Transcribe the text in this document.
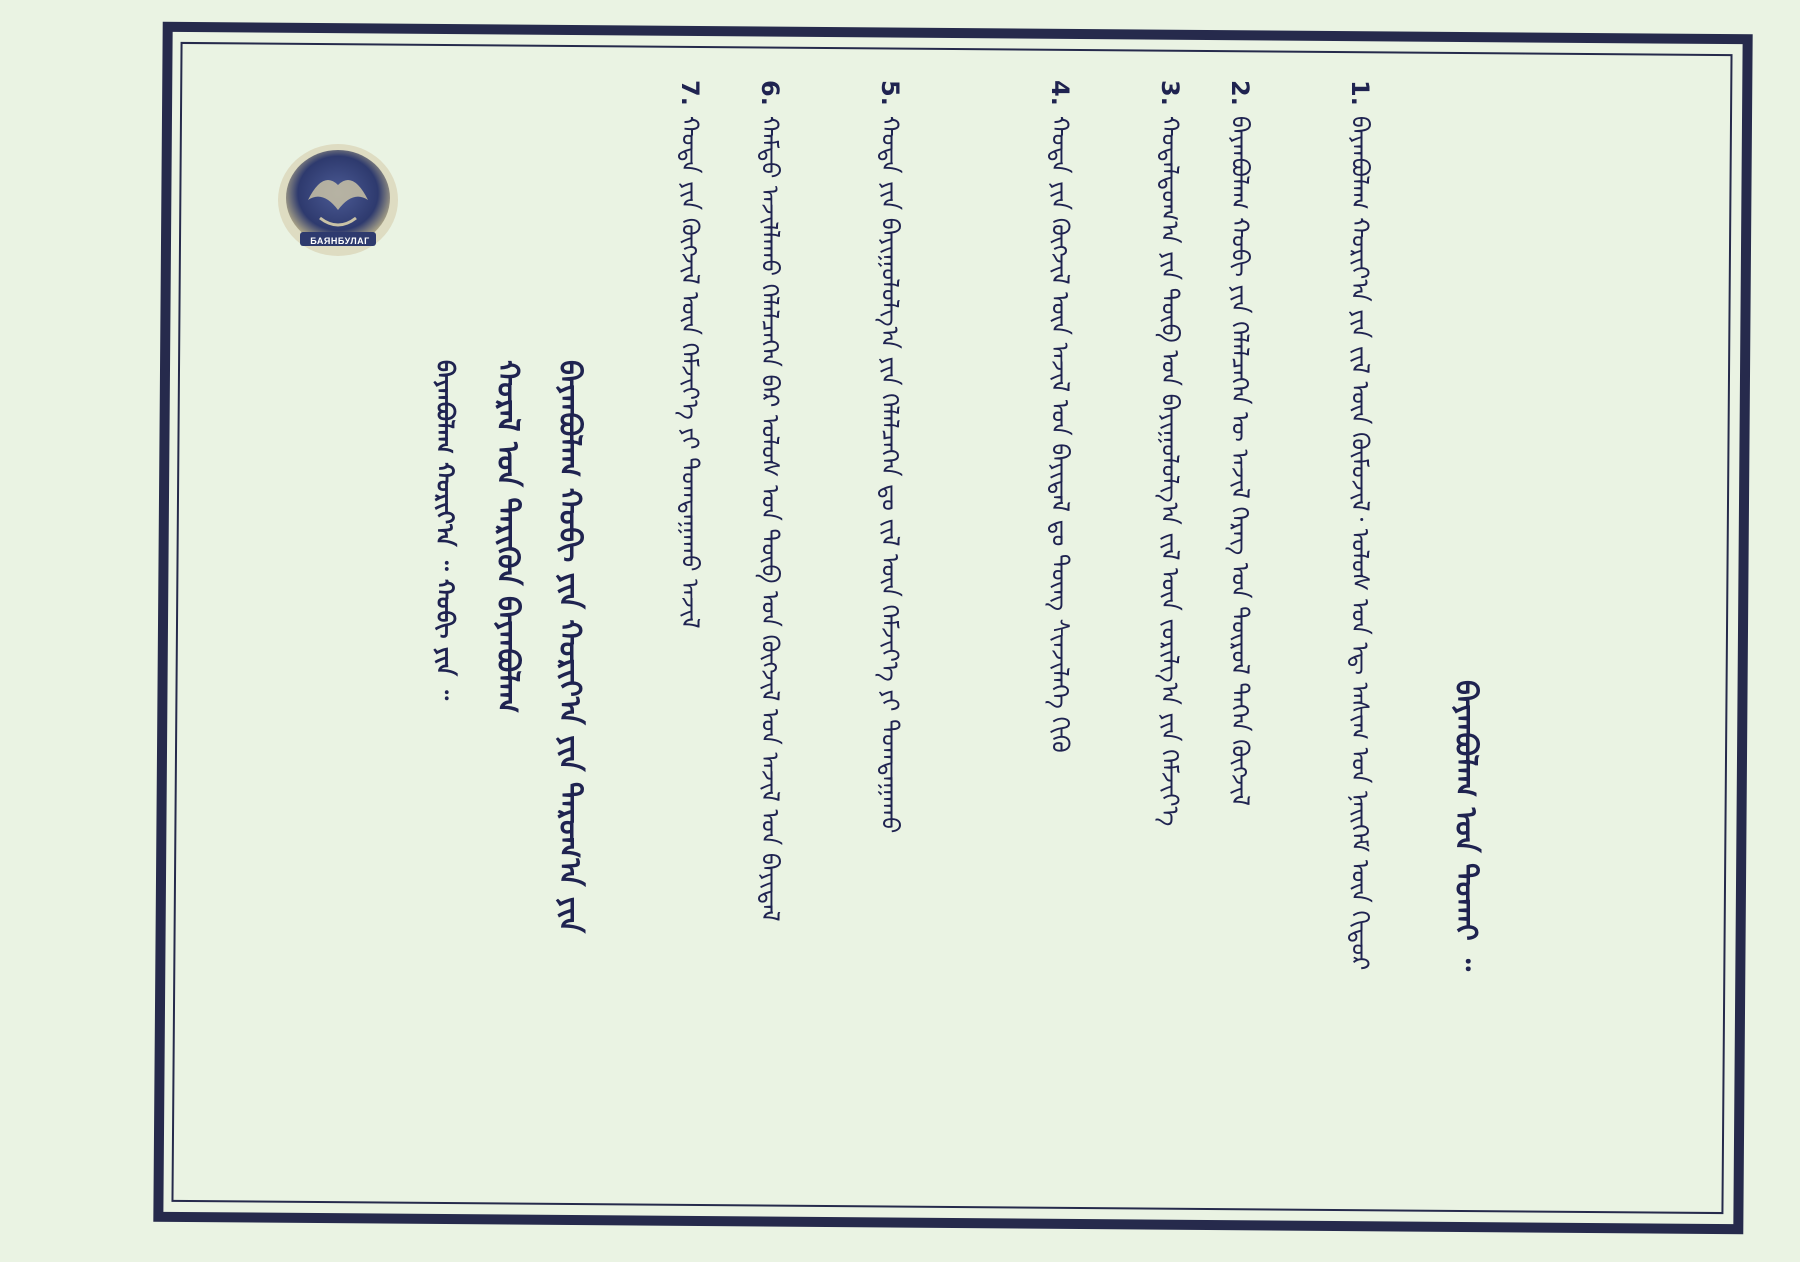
БАЯНБУЛАГ
ᠪᠠᠶᠠᠨᠪᠤᠯᠠᠭ ᠤᠨ ᠲᠤᠬᠠᠢ ᠃
1.ᠪᠠᠶᠠᠨᠪᠤᠯᠠᠭ ᠬᠤᠷᠢᠶ᠎ᠠ ᠶᠢᠨ ᠵᠢᠯ ᠦᠨ ᠬᠦᠮᠦᠵᠢᠯ᠂ ᠤᠯᠤᠰ ᠤᠨ ᠡᠳ᠋ ᠠᠰᠢᠭ ᠤᠨ ᠨᠡᠢᠭᠡᠮ ᠦᠨ ᠬᠢᠳᠤᠷ
2.ᠪᠠᠶᠠᠨᠪᠤᠯᠠᠭ ᠬᠤᠪᠢ ᠶᠢᠨ ᠬᠡᠯᠡᠯᠴᠡᠭᠡᠨ ᠦ ᠠᠵᠢᠯ ᠬᠡᠷᠡᠭ ᠤᠨ ᠲᠥᠷᠥᠯ ᠳᠡᠭᠡᠨ ᠬᠥᠭᠵᠢᠯ
3.ᠬᠤᠳᠠᠯᠳᠤᠭ᠎ᠠ ᠶᠢᠨ ᠲᠥᠪ ᠤᠨ ᠪᠠᠶᠢᠭᠤᠯᠤᠯᠭ᠎ᠠ ᠵᠢᠯ ᠦᠨ ᠵᠤᠷᠢᠯᠭ᠎ᠠ ᠶᠢᠨ ᠬᠡᠮᠵᠢᠶ᠎ᠡ
4.ᠬᠣᠳᠠ ᠶᠢᠨ ᠬᠥᠭᠵᠢᠯ ᠦᠨ ᠠᠵᠢᠯ ᠤᠨ ᠪᠠᠶᠢᠳᠠᠯ ᠳᠤ ᠳᠦᠩ ᠰᠢᠨᠵᠢᠯᠡᠭᠡ ᠬᠢᠬᠦ
5.ᠬᠣᠳᠠ ᠶᠢᠨ ᠪᠠᠶᠢᠭᠤᠯᠤᠯᠭ᠎ᠠ ᠶᠢᠨ ᠬᠡᠯᠡᠯᠴᠡᠭᠡᠨ ᠳᠤ ᠵᠢᠯ ᠦᠨ ᠬᠡᠮᠵᠢᠶ᠎ᠡ ᠶᠢ ᠲᠣᠭᠲᠠᠭᠠᠬᠤ
6.ᠬᠠᠮᠲᠤ ᠠᠵᠢᠯᠯᠠᠬᠤ ᠬᠡᠯᠡᠯᠴᠡᠭᠡᠨ ᠪᠠᠷ ᠤᠯᠤᠰ ᠤᠨ ᠲᠥᠪ ᠤᠨ ᠬᠥᠭᠵᠢᠯ ᠤᠨ ᠠᠵᠢᠯ ᠤᠨ ᠪᠠᠶᠢᠳᠠᠯ
7.ᠬᠣᠳᠠ ᠶᠢᠨ ᠬᠥᠭᠵᠢᠯ ᠦᠨ ᠬᠡᠮᠵᠢᠶ᠎ᠡ ᠶᠢ ᠲᠣᠭᠲᠠᠭᠠᠬᠤ ᠠᠵᠢᠯ
ᠪᠠᠶᠠᠨᠪᠤᠯᠠᠭ ᠬᠤᠪᠢ ᠶᠢᠨ ᠬᠣᠷᠢᠶ᠎ᠠ ᠶᠢᠨ ᠳᠠᠷᠤᠭ᠎ᠠ ᠶᠢᠨ
ᠬᠤᠷᠠᠯ ᠤᠨ ᠲᠡᠷᠢᠭᠦᠨ ᠪᠠᠶᠠᠨᠪᠤᠯᠠᠭ
ᠪᠠᠶᠠᠨᠪᠤᠯᠠᠭ ᠬᠣᠷᠢᠶ᠎ᠠ ᠃ ᠬᠤᠪᠢ ᠶᠢᠨ ᠃
